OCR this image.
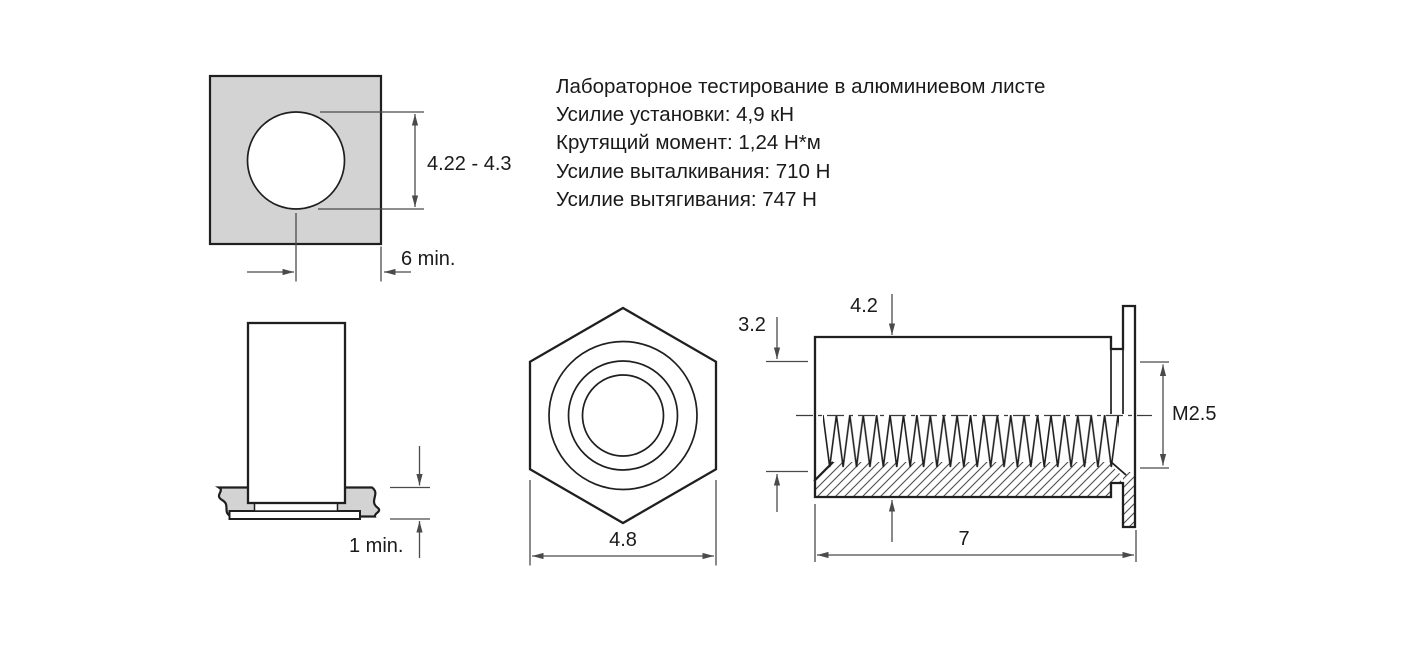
4.22 - 4.3
6 min.
Лабораторное тестирование в алюминиевом листе
Усилие установки: 4,9 кН
Крутящий момент: 1,24 Н*м
Усилие выталкивания: 710 Н
Усилие вытягивания: 747 Н
1 min.	4.8
4.2
3.2
M2.5
7
